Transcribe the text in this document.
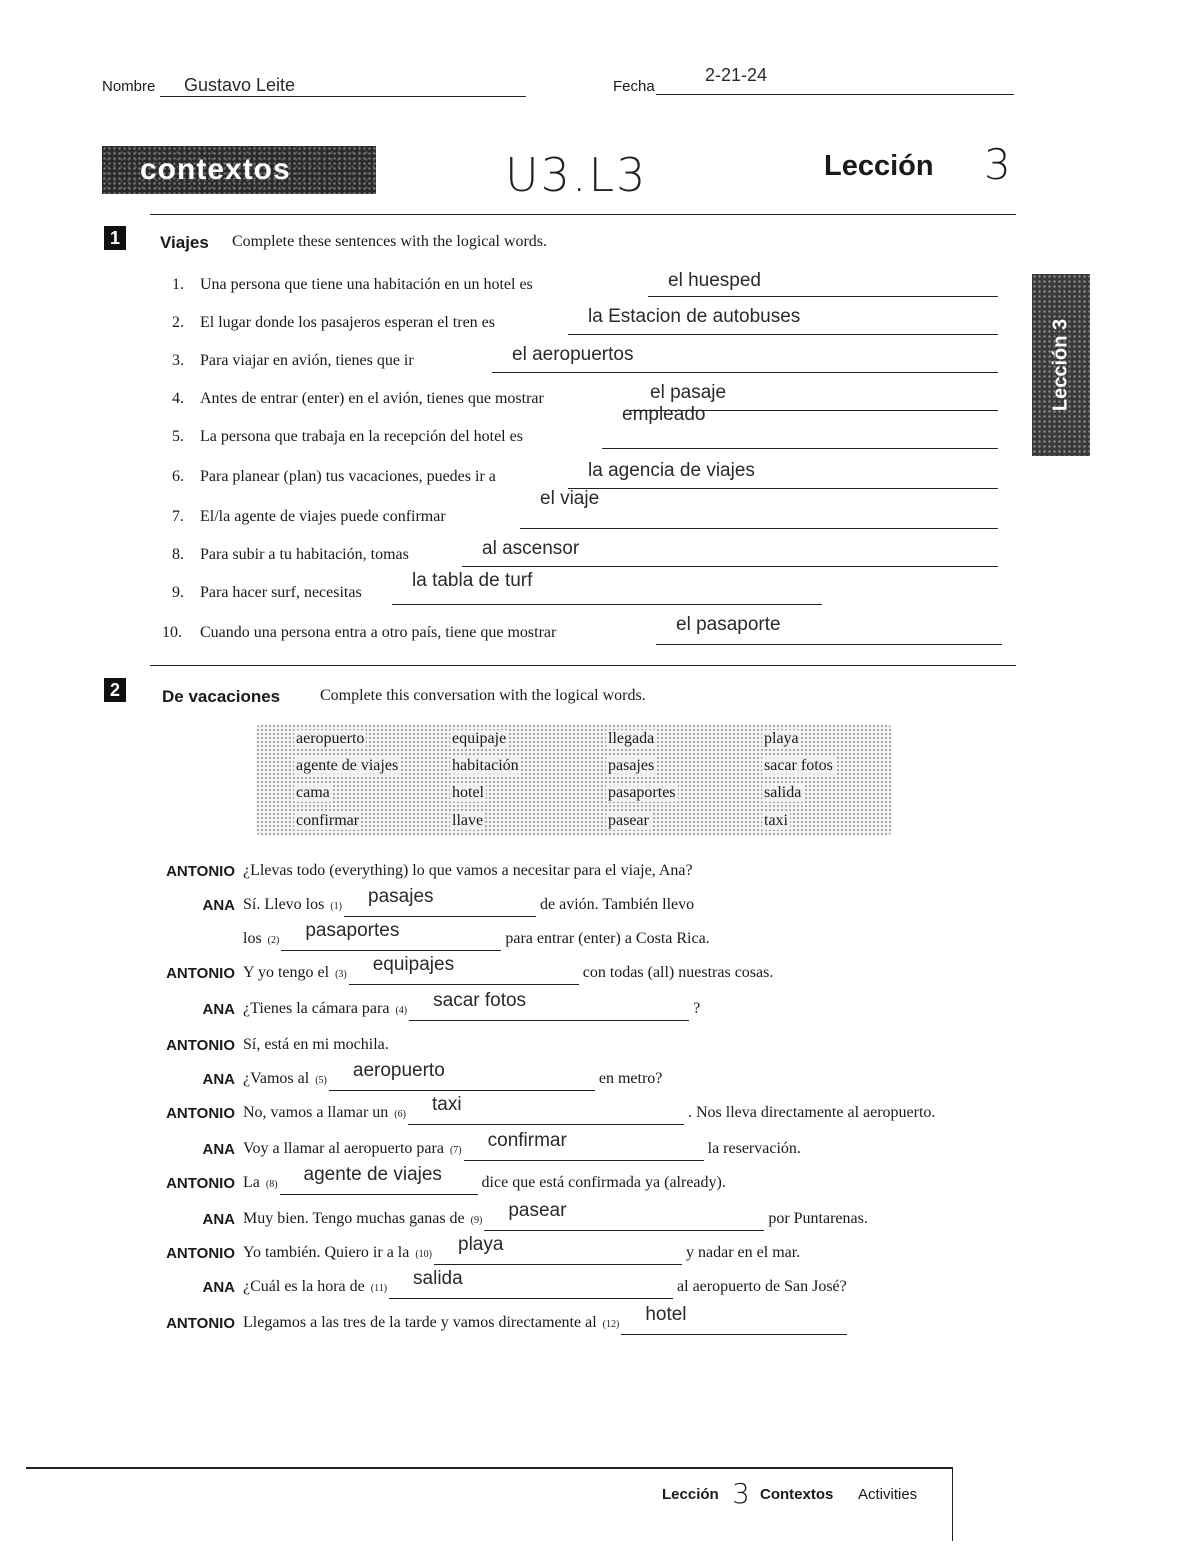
Nombre Gustavo Leite	Fecha
2-21-24
contextos	U3.L3	Lección 3
Lección 3
1	Viajes Complete these sentences with the logical words.
1. Una persona que tiene una habitación en un hotel es	el huesped
2. El lugar donde los pasajeros esperan el tren es	la Estacion de autobuses
3. Para viajar en avión, tienes que ir	el aeropuertos
4. Antes de entrar (enter) en el avión, tienes que mostrar	el pasaje
5. La persona que trabaja en la recepción del hotel es
empleado
6. Para planear (plan) tus vacaciones, puedes ir a	la agencia de viajes
7. El/la agente de viajes puede confirmar
el viaje
8. Para subir a tu habitación, tomas	al ascensor
9. Para hacer surf, necesitas
la tabla de turf
10. Cuando una persona entra a otro país, tiene que mostrar	el pasaporte
2	De vacaciones Complete this conversation with the logical words.
aeropuerto	equipaje	llegada	playa
agente de viajes	habitación	pasajes	sacar fotos
cama	hotel	pasaportes	salida
confirmar	llave	pasear	taxi
ANTONIO ¿Llevas todo (everything) lo que vamos a necesitar para el viaje, Ana?
ANA Sí. Llevo los (1) pasajes	de avión. También llevo
los (2) pasaportes	para entrar (enter) a Costa Rica.
ANTONIO Y yo tengo el (3) equipajes	con todas (all) nuestras cosas.
ANA ¿Tienes la cámara para (4) sacar fotos	?
ANTONIO Sí, está en mi mochila.
ANA ¿Vamos al (5) aeropuerto	en metro?
ANTONIO No, vamos a llamar un (6) taxi	. Nos lleva directamente al aeropuerto.
ANA Voy a llamar al aeropuerto para (7) confirmar	la reservación.
ANTONIO La (8) agente de viajes dice que está confirmada ya (already).
ANA Muy bien. Tengo muchas ganas de (9) pasear	por Puntarenas.
ANTONIO Yo también. Quiero ir a la (10) playa	y nadar en el mar.
ANA ¿Cuál es la hora de (11) salida	al aeropuerto de San José?
ANTONIO Llegamos a las tres de la tarde y vamos directamente al (12) hotel
Lección 3 Contextos Activities
